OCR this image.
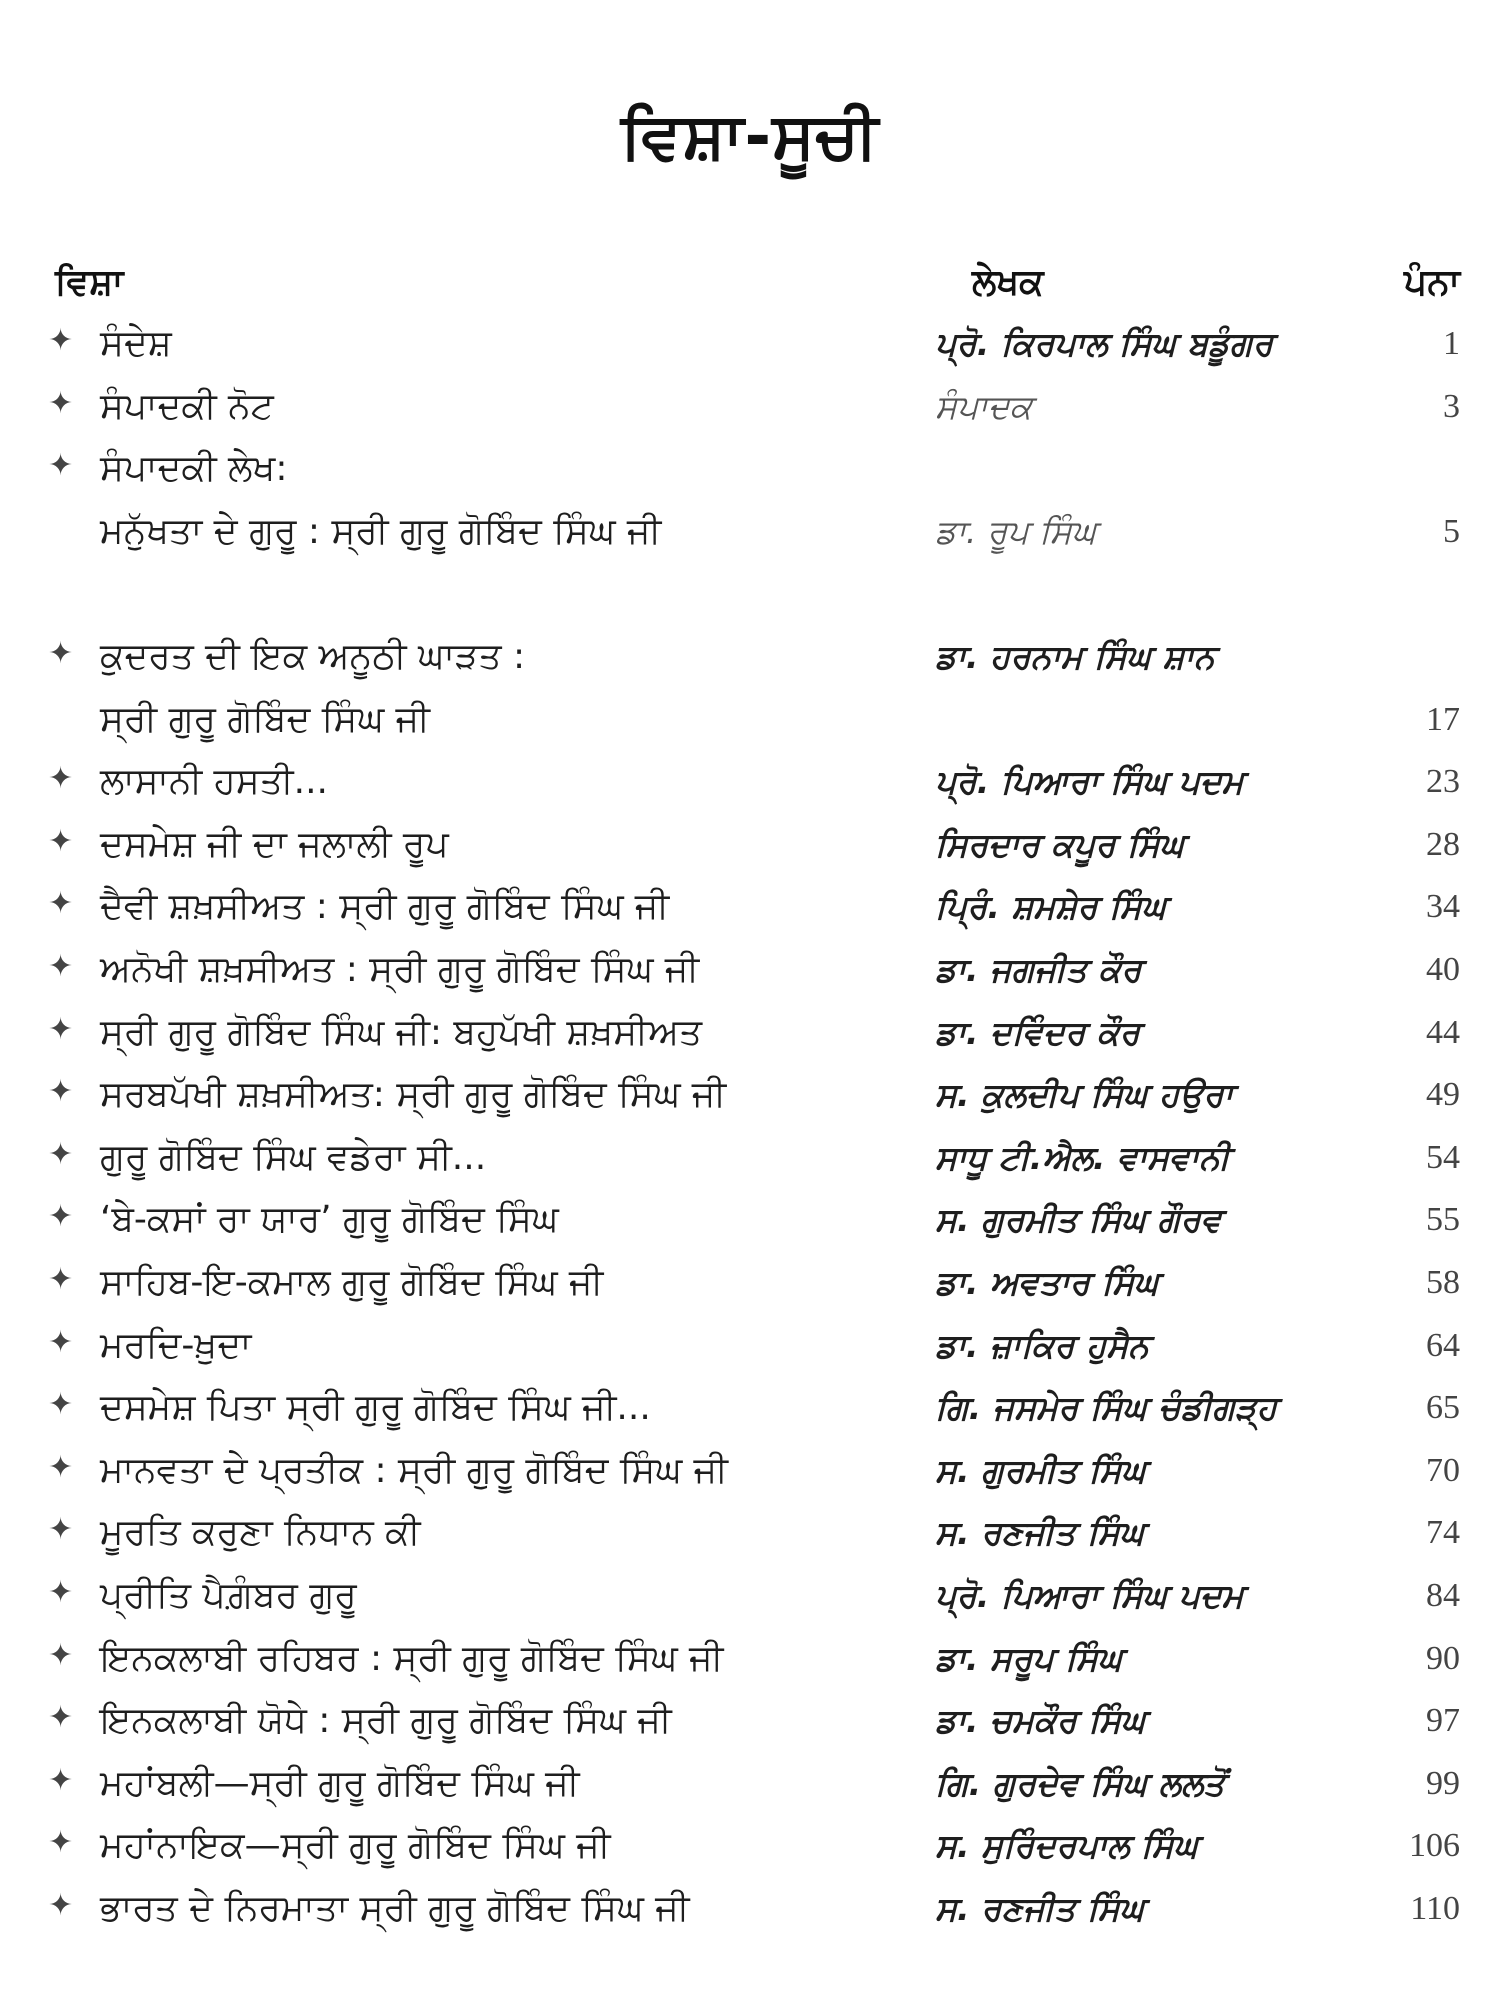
ਵਿਸ਼ਾ-ਸੂਚੀ
ਵਿਸ਼ਾ	ਲੇਖਕ	ਪੰਨਾ
✦ ਸੰਦੇਸ਼	ਪ੍ਰੋ. ਕਿਰਪਾਲ ਸਿੰਘ ਬਡੂੰਗਰ	1
✦ ਸੰਪਾਦਕੀ ਨੋਟ	ਸੰਪਾਦਕ	3
✦ ਸੰਪਾਦਕੀ ਲੇਖ:
ਮਨੁੱਖਤਾ ਦੇ ਗੁਰੂ : ਸ੍ਰੀ ਗੁਰੂ ਗੋਬਿੰਦ ਸਿੰਘ ਜੀ	ਡਾ. ਰੂਪ ਸਿੰਘ	5
✦ ਕੁਦਰਤ ਦੀ ਇਕ ਅਨੂਠੀ ਘਾੜਤ :	ਡਾ. ਹਰਨਾਮ ਸਿੰਘ ਸ਼ਾਨ
ਸ੍ਰੀ ਗੁਰੂ ਗੋਬਿੰਦ ਸਿੰਘ ਜੀ	17
✦ ਲਾਸਾਨੀ ਹਸਤੀ...	ਪ੍ਰੋ. ਪਿਆਰਾ ਸਿੰਘ ਪਦਮ	23
✦ ਦਸਮੇਸ਼ ਜੀ ਦਾ ਜਲਾਲੀ ਰੂਪ	ਸਿਰਦਾਰ ਕਪੂਰ ਸਿੰਘ	28
✦ ਦੈਵੀ ਸ਼ਖ਼ਸੀਅਤ : ਸ੍ਰੀ ਗੁਰੂ ਗੋਬਿੰਦ ਸਿੰਘ ਜੀ	ਪ੍ਰਿੰ. ਸ਼ਮਸ਼ੇਰ ਸਿੰਘ	34
✦ ਅਨੋਖੀ ਸ਼ਖ਼ਸੀਅਤ : ਸ੍ਰੀ ਗੁਰੂ ਗੋਬਿੰਦ ਸਿੰਘ ਜੀ	ਡਾ. ਜਗਜੀਤ ਕੌਰ	40
✦ ਸ੍ਰੀ ਗੁਰੂ ਗੋਬਿੰਦ ਸਿੰਘ ਜੀ: ਬਹੁਪੱਖੀ ਸ਼ਖ਼ਸੀਅਤ	ਡਾ. ਦਵਿੰਦਰ ਕੌਰ	44
✦ ਸਰਬਪੱਖੀ ਸ਼ਖ਼ਸੀਅਤ: ਸ੍ਰੀ ਗੁਰੂ ਗੋਬਿੰਦ ਸਿੰਘ ਜੀ	ਸ. ਕੁਲਦੀਪ ਸਿੰਘ ਹਉਰਾ	49
✦ ਗੁਰੂ ਗੋਬਿੰਦ ਸਿੰਘ ਵਡੇਰਾ ਸੀ...	ਸਾਧੂ ਟੀ.ਐਲ. ਵਾਸਵਾਨੀ	54
✦ ‘ਬੇ-ਕਸਾਂ ਰਾ ਯਾਰ’ ਗੁਰੂ ਗੋਬਿੰਦ ਸਿੰਘ	ਸ. ਗੁਰਮੀਤ ਸਿੰਘ ਗੌਰਵ	55
✦ ਸਾਹਿਬ-ਇ-ਕਮਾਲ ਗੁਰੂ ਗੋਬਿੰਦ ਸਿੰਘ ਜੀ	ਡਾ. ਅਵਤਾਰ ਸਿੰਘ	58
✦ ਮਰਦਿ-ਖ਼ੁਦਾ	ਡਾ. ਜ਼ਾਕਿਰ ਹੁਸੈਨ	64
✦ ਦਸਮੇਸ਼ ਪਿਤਾ ਸ੍ਰੀ ਗੁਰੂ ਗੋਬਿੰਦ ਸਿੰਘ ਜੀ...	ਗਿ. ਜਸਮੇਰ ਸਿੰਘ ਚੰਡੀਗੜ੍ਹ	65
✦ ਮਾਨਵਤਾ ਦੇ ਪ੍ਰਤੀਕ : ਸ੍ਰੀ ਗੁਰੂ ਗੋਬਿੰਦ ਸਿੰਘ ਜੀ	ਸ. ਗੁਰਮੀਤ ਸਿੰਘ	70
✦ ਮੂਰਤਿ ਕਰੁਣਾ ਨਿਧਾਨ ਕੀ	ਸ. ਰਣਜੀਤ ਸਿੰਘ	74
✦ ਪ੍ਰੀਤਿ ਪੈਗ਼ੰਬਰ ਗੁਰੂ	ਪ੍ਰੋ. ਪਿਆਰਾ ਸਿੰਘ ਪਦਮ	84
✦ ਇਨਕਲਾਬੀ ਰਹਿਬਰ : ਸ੍ਰੀ ਗੁਰੂ ਗੋਬਿੰਦ ਸਿੰਘ ਜੀ	ਡਾ. ਸਰੂਪ ਸਿੰਘ	90
✦ ਇਨਕਲਾਬੀ ਯੋਧੇ : ਸ੍ਰੀ ਗੁਰੂ ਗੋਬਿੰਦ ਸਿੰਘ ਜੀ	ਡਾ. ਚਮਕੌਰ ਸਿੰਘ	97
✦ ਮਹਾਂਬਲੀ—ਸ੍ਰੀ ਗੁਰੂ ਗੋਬਿੰਦ ਸਿੰਘ ਜੀ	ਗਿ. ਗੁਰਦੇਵ ਸਿੰਘ ਲਲਤੋਂ	99
✦ ਮਹਾਂਨਾਇਕ—ਸ੍ਰੀ ਗੁਰੂ ਗੋਬਿੰਦ ਸਿੰਘ ਜੀ	ਸ. ਸੁਰਿੰਦਰਪਾਲ ਸਿੰਘ	106
✦ ਭਾਰਤ ਦੇ ਨਿਰਮਾਤਾ ਸ੍ਰੀ ਗੁਰੂ ਗੋਬਿੰਦ ਸਿੰਘ ਜੀ	ਸ. ਰਣਜੀਤ ਸਿੰਘ	110
